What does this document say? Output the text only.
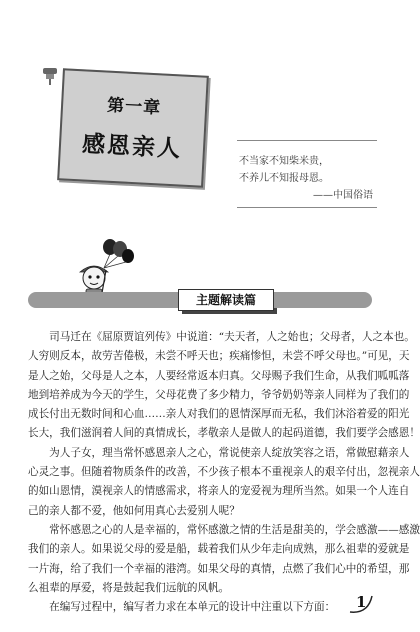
第一章
感恩亲人	不当家不知柴米贵，
不养儿不知报母恩。
——中国俗语
主题解读篇
　　司马迁在《屈原贾谊列传》中说道：“夫天者，人之始也；父母者，人之本也。
人穷则反本，故劳苦倦极，未尝不呼天也；疾痛惨怛，未尝不呼父母也。”可见，天
是人之始，父母是人之本，人要经常返本归真。父母赐予我们生命，从我们呱呱落
地到培养成为今天的学生，父母花费了多少精力，爷爷奶奶等亲人同样为了我们的
成长付出无数时间和心血……亲人对我们的恩情深厚而无私，我们沐浴着爱的阳光
长大，我们滋润着人间的真情成长，孝敬亲人是做人的起码道德，我们要学会感恩！
　　为人子女，理当常怀感恩亲人之心，常说使亲人绽放笑容之语，常做慰藉亲人
心灵之事。但随着物质条件的改善，不少孩子根本不重视亲人的艰辛付出，忽视亲人
的如山恩情，漠视亲人的情感需求，将亲人的宠爱视为理所当然。如果一个人连自
己的亲人都不爱，他如何用真心去爱别人呢？
　　常怀感恩之心的人是幸福的，常怀感激之情的生活是甜美的，学会感激——感激
我们的亲人。如果说父母的爱是船，载着我们从少年走向成熟，那么祖辈的爱就是
一片海，给了我们一个幸福的港湾。如果父母的真情，点燃了我们心中的希望，那
么祖辈的厚爱，将是鼓起我们远航的风帆。
　　在编写过程中，编写者力求在本单元的设计中注重以下方面：	1
